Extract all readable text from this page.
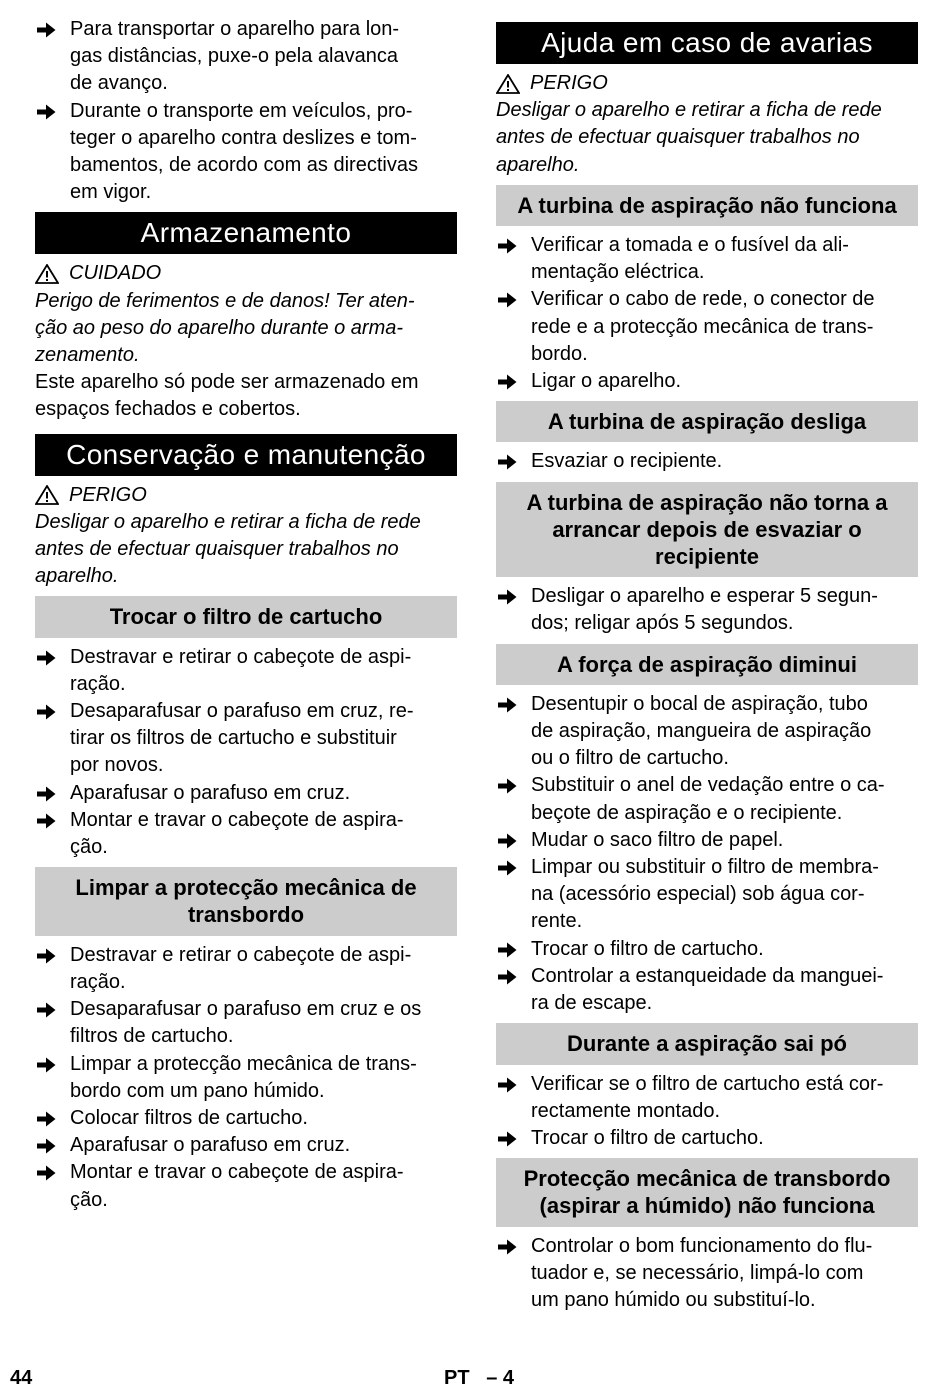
Para transportar o aparelho para lon-
gas distâncias, puxe-o pela alavanca
de avanço.
Durante o transporte em veículos, pro-
teger o aparelho contra deslizes e tom-
bamentos, de acordo com as directivas
em vigor.
Armazenamento

CUIDADO

Perigo de ferimentos e de danos! Ter aten-
ção ao peso do aparelho durante o arma-
zenamento.

Este aparelho só pode ser armazenado em
espaços fechados e cobertos.

Conservação e manutenção

PERIGO

Desligar o aparelho e retirar a ficha de rede
antes de efectuar quaisquer trabalhos no
aparelho.

Trocar o filtro de cartucho
Destravar e retirar o cabeçote de aspi-
ração.
Desaparafusar o parafuso em cruz, re-
tirar os filtros de cartucho e substituir
por novos.
Aparafusar o parafuso em cruz.
Montar e travar o cabeçote de aspira-
ção.
Limpar a protecção mecânica de
transbordo
Destravar e retirar o cabeçote de aspi-
ração.
Desaparafusar o parafuso em cruz e os
filtros de cartucho.
Limpar a protecção mecânica de trans-
bordo com um pano húmido.
Colocar filtros de cartucho.
Aparafusar o parafuso em cruz.
Montar e travar o cabeçote de aspira-
ção.
Ajuda em caso de avarias

PERIGO

Desligar o aparelho e retirar a ficha de rede
antes de efectuar quaisquer trabalhos no
aparelho.

A turbina de aspiração não funciona
Verificar a tomada e o fusível da ali-
mentação eléctrica.
Verificar o cabo de rede, o conector de
rede e a protecção mecânica de trans-
bordo.
Ligar o aparelho.
A turbina de aspiração desliga
Esvaziar o recipiente.
A turbina de aspiração não torna a
arrancar depois de esvaziar o
recipiente
Desligar o aparelho e esperar 5 segun-
dos; religar após 5 segundos.
A força de aspiração diminui
Desentupir o bocal de aspiração, tubo
de aspiração, mangueira de aspiração
ou o filtro de cartucho.
Substituir o anel de vedação entre o ca-
beçote de aspiração e o recipiente.
Mudar o saco filtro de papel.
Limpar ou substituir o filtro de membra-
na (acessório especial) sob água cor-
rente.
Trocar o filtro de cartucho.
Controlar a estanqueidade da manguei-
ra de escape.
Durante a aspiração sai pó
Verificar se o filtro de cartucho está cor-
rectamente montado.
Trocar o filtro de cartucho.
Protecção mecânica de transbordo
(aspirar a húmido) não funciona
Controlar o bom funcionamento do flu-
tuador e, se necessário, limpá-lo com
um pano húmido ou substituí-lo.
44	PT   – 4
